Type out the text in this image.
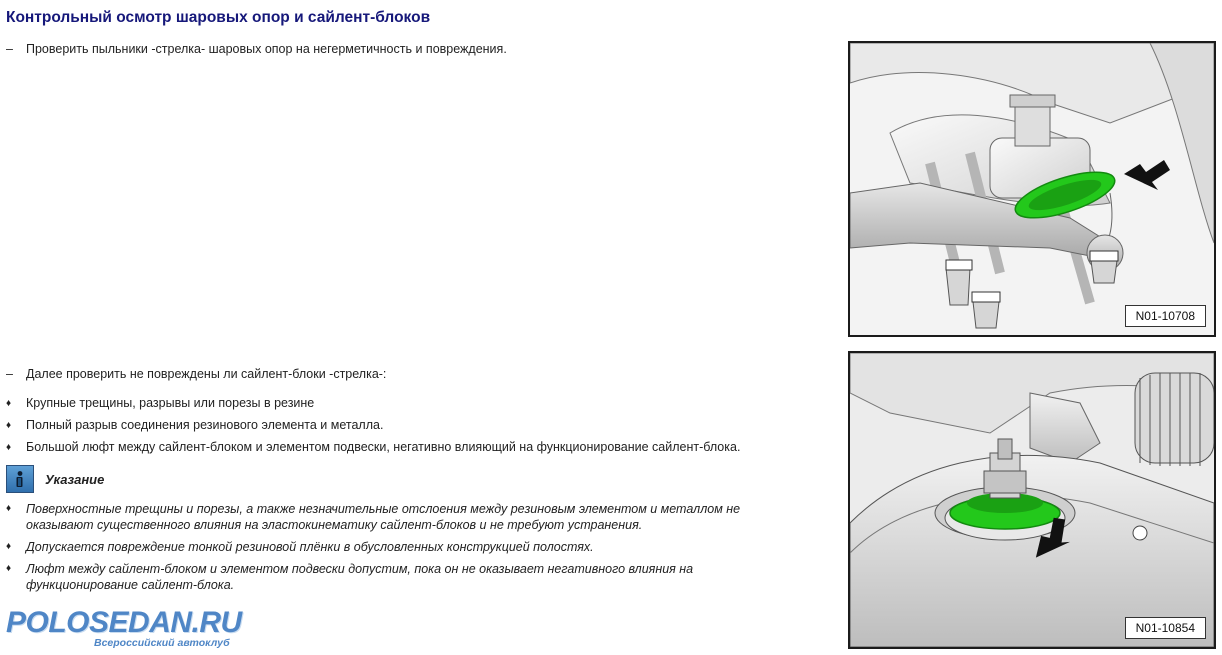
Контрольный осмотр шаровых опор и сайлент-блоков
–	Проверить пыльники -стрелка- шаровых опор на негерметичность и повреждения.
–	Далее проверить не повреждены ли сайлент-блоки -стрелка-:
♦	Крупные трещины, разрывы или порезы в резине
♦	Полный разрыв соединения резинового элемента и металла.
♦	Большой люфт между сайлент-блоком и элементом подвески, негативно влияющий на функционирование сайлент-блока.
Указание
♦	Поверхностные трещины и порезы, а также незначительные отслоения между резиновым элементом и металлом не оказывают существенного влияния на эластокинематику сайлент-блоков и не требуют устранения.
♦	Допускается повреждение тонкой резиновой плёнки в обусловленных конструкцией полостях.
♦	Люфт между сайлент-блоком и элементом подвески допустим, пока он не оказывает негативного влияния на функционирование сайлент-блока.
N01-10708
N01-10854
POLOSEDAN.RU
Всероссийский автоклуб
